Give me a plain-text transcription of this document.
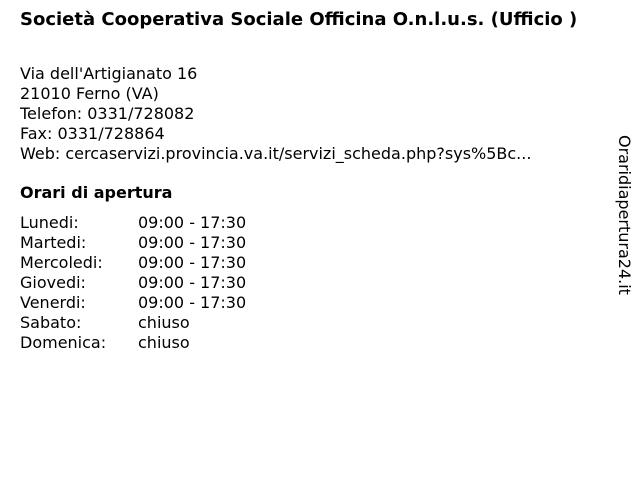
Società Cooperativa Sociale Officina O.n.l.u.s. (Ufficio )
Via dell'Artigianato 16
21010 Ferno (VA)
Telefon: 0331/728082
Fax: 0331/728864
Web: cercaservizi.provincia.va.it/servizi_scheda.php?sys%5Bc...
Orari di apertura
Lunedi:	09:00 - 17:30
Martedi:	09:00 - 17:30
Mercoledi:	09:00 - 17:30
Giovedi:	09:00 - 17:30
Venerdi:	09:00 - 17:30
Sabato:	chiuso
Domenica:	chiuso
Oraridiapertura24.it
